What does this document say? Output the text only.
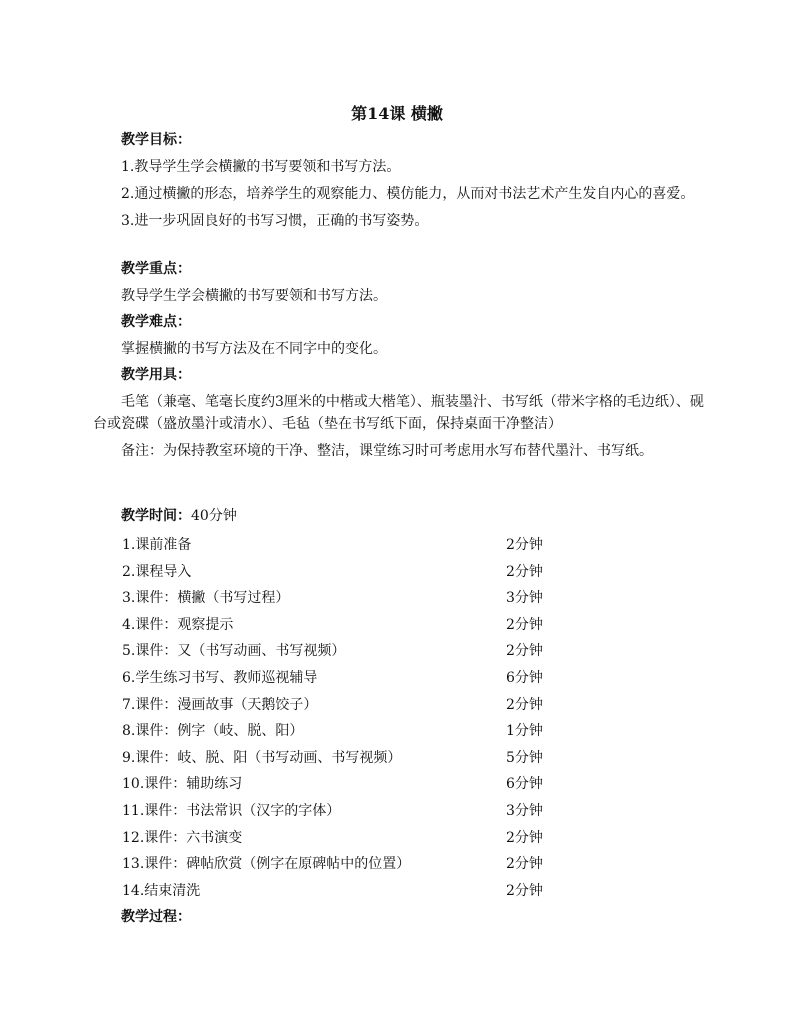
第14课 横撇
教学目标：
1.教导学生学会横撇的书写要领和书写方法。
2.通过横撇的形态，培养学生的观察能力、模仿能力，从而对书法艺术产生发自内心的喜爱。
3.进一步巩固良好的书写习惯，正确的书写姿势。
教学重点：
教导学生学会横撇的书写要领和书写方法。
教学难点：
掌握横撇的书写方法及在不同字中的变化。
教学用具：
毛笔（兼毫、笔毫长度约3厘米的中楷或大楷笔）、瓶装墨汁、书写纸（带米字格的毛边纸）、砚台或瓷碟（盛放墨汁或清水）、毛毡（垫在书写纸下面，保持桌面干净整洁）
备注：为保持教室环境的干净、整洁，课堂练习时可考虑用水写布替代墨汁、书写纸。
教学时间：40分钟
1.课前准备	2分钟
2.课程导入	2分钟
3.课件：横撇（书写过程）	3分钟
4.课件：观察提示	2分钟
5.课件：又（书写动画、书写视频）	2分钟
6.学生练习书写、教师巡视辅导	6分钟
7.课件：漫画故事（天鹅饺子）	2分钟
8.课件：例字（岐、脱、阳）	1分钟
9.课件：岐、脱、阳（书写动画、书写视频）	5分钟
10.课件：辅助练习	6分钟
11.课件：书法常识（汉字的字体）	3分钟
12.课件：六书演变	2分钟
13.课件：碑帖欣赏（例字在原碑帖中的位置）	2分钟
14.结束清洗	2分钟
教学过程：
